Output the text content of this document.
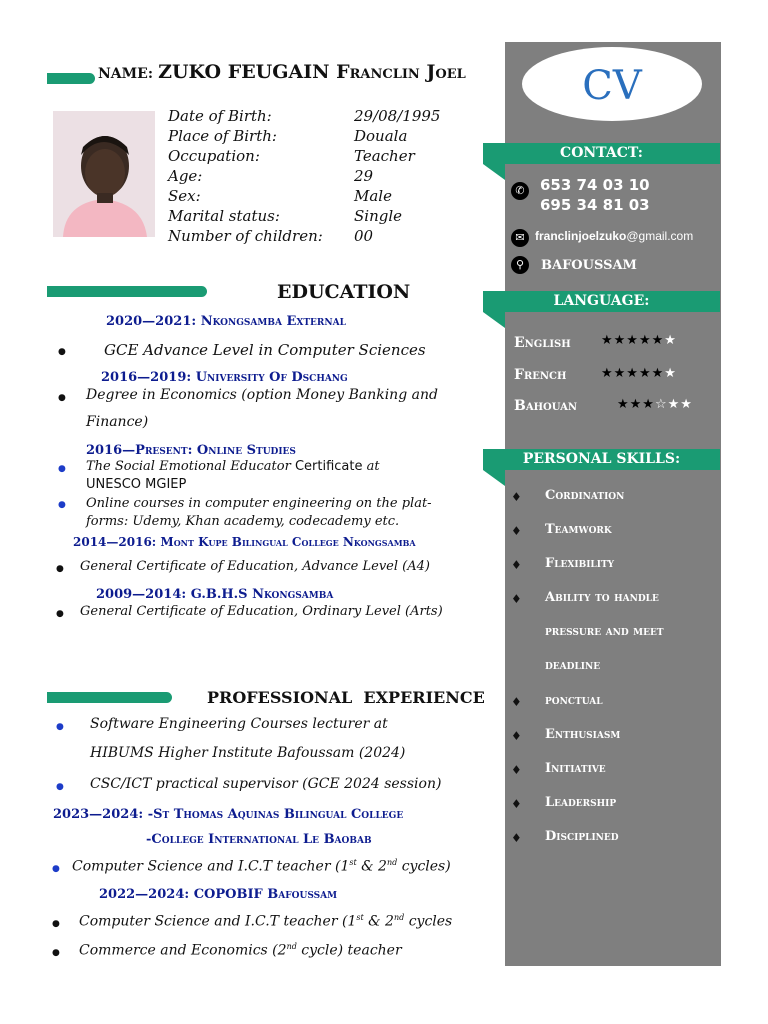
CV
CONTACT:
✆ 653 74 03 10
695 34 81 03
✉ franclinjoelzuko@gmail.com
⚲	BAFOUSSAM
LANGUAGE:
English ★★★★★★
French	★★★★★★
Bahouan	★★★☆★★
PERSONAL SKILLS:
♦ Cordination
♦ Teamwork
♦ Flexibility
♦ Ability to handle
pressure and meet
deadline
♦ ponctual
♦ Enthusiasm
♦ Initiative
♦ Leadership
♦ Disciplined
NAME: ZUKO FEUGAIN Franclin Joel
Date of Birth:	29/08/1995
Place of Birth:	Douala
Occupation:	Teacher
Age:	29
Sex:	Male
Marital status:	Single
Number of children: 00
EDUCATION
2020—2021: Nkongsamba External
●	GCE Advance Level in Computer Sciences
2016—2019: University Of Dschang
● Degree in Economics (option Money Banking and
Finance)
2016—Present: Online Studies
● The Social Emotional Educator Certificate at
UNESCO MGIEP
● Online courses in computer engineering on the plat-
forms: Udemy, Khan academy, codecademy etc.
2014—2016: Mont Kupe Bilingual College Nkongsamba
● General Certificate of Education, Advance Level (A4)
2009—2014: G.B.H.S Nkongsamba
● General Certificate of Education, Ordinary Level (Arts)
PROFESSIONAL  EXPERIENCE
● Software Engineering Courses lecturer at
HIBUMS Higher Institute Bafoussam (2024)
● CSC/ICT practical supervisor (GCE 2024 session)
2023—2024: -St Thomas Aquinas Bilingual College
-College International Le Baobab
● Computer Science and I.C.T teacher (1st & 2nd cycles)
2022—2024: COPOBIF Bafoussam
● Computer Science and I.C.T teacher (1st & 2nd cycles
● Commerce and Economics (2nd cycle) teacher
